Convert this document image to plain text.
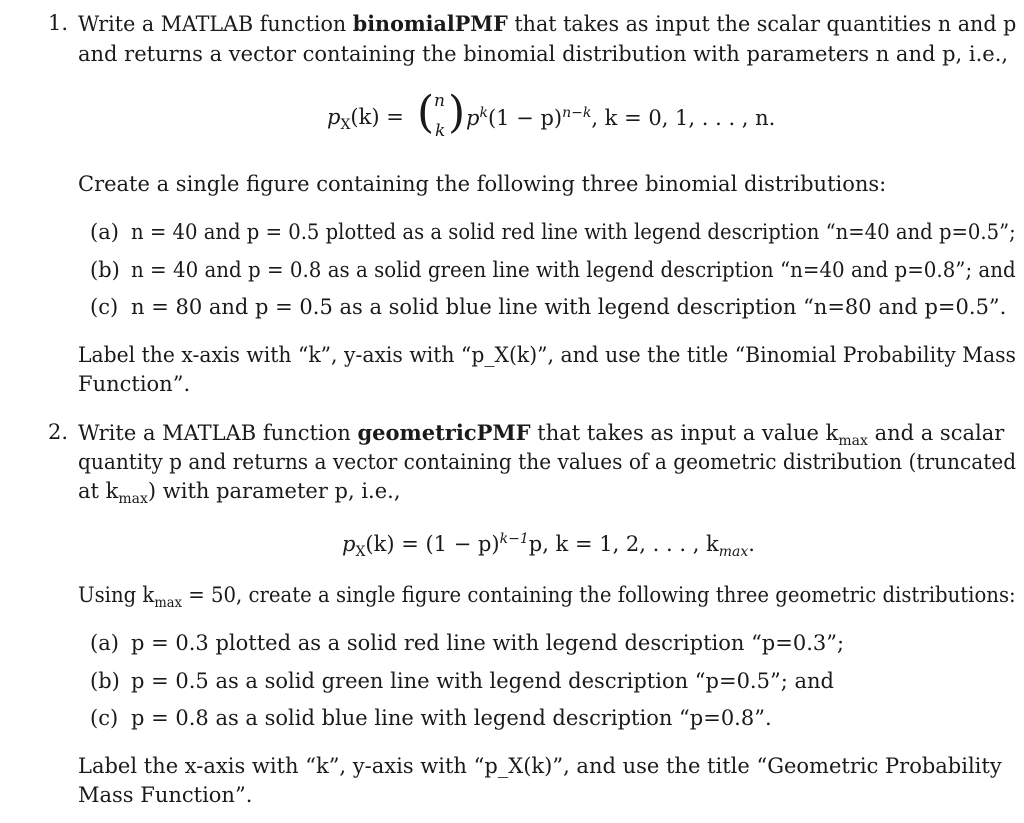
1. Write a MATLAB function binomialPMF that takes as input the scalar quantities n and p
and returns a vector containing the binomial distribution with parameters n and p, i.e.,
$p_X(k)$ = ( n
k ) $p^k(1 - p)^{n-k}$, k = 0, 1, . . . , n.
Create a single figure containing the following three binomial distributions:
(a) n = 40 and p = 0.5 plotted as a solid red line with legend description “n=40 and p=0.5”;
(b) n = 40 and p = 0.8 as a solid green line with legend description “n=40 and p=0.8”; and
(c) n = 80 and p = 0.5 as a solid blue line with legend description “n=80 and p=0.5”.
Label the x-axis with “k”, y-axis with “p_X(k)”, and use the title “Binomial Probability Mass
Function”.
2. Write a MATLAB function geometricPMF that takes as input a value $k_{max}$ and a scalar
quantity p and returns a vector containing the values of a geometric distribution (truncated
at $k_{max}$) with parameter p, i.e.,
$p_X(k) = (1 - p)^{k-1}p$, k = 1, 2, . . . , $k_{max}$.
Using $k_{max} = 50$, create a single figure containing the following three geometric distributions:
(a) p = 0.3 plotted as a solid red line with legend description “p=0.3”;
(b) p = 0.5 as a solid green line with legend description “p=0.5”; and
(c) p = 0.8 as a solid blue line with legend description “p=0.8”.
Label the x-axis with “k”, y-axis with “p_X(k)”, and use the title “Geometric Probability
Mass Function”.
